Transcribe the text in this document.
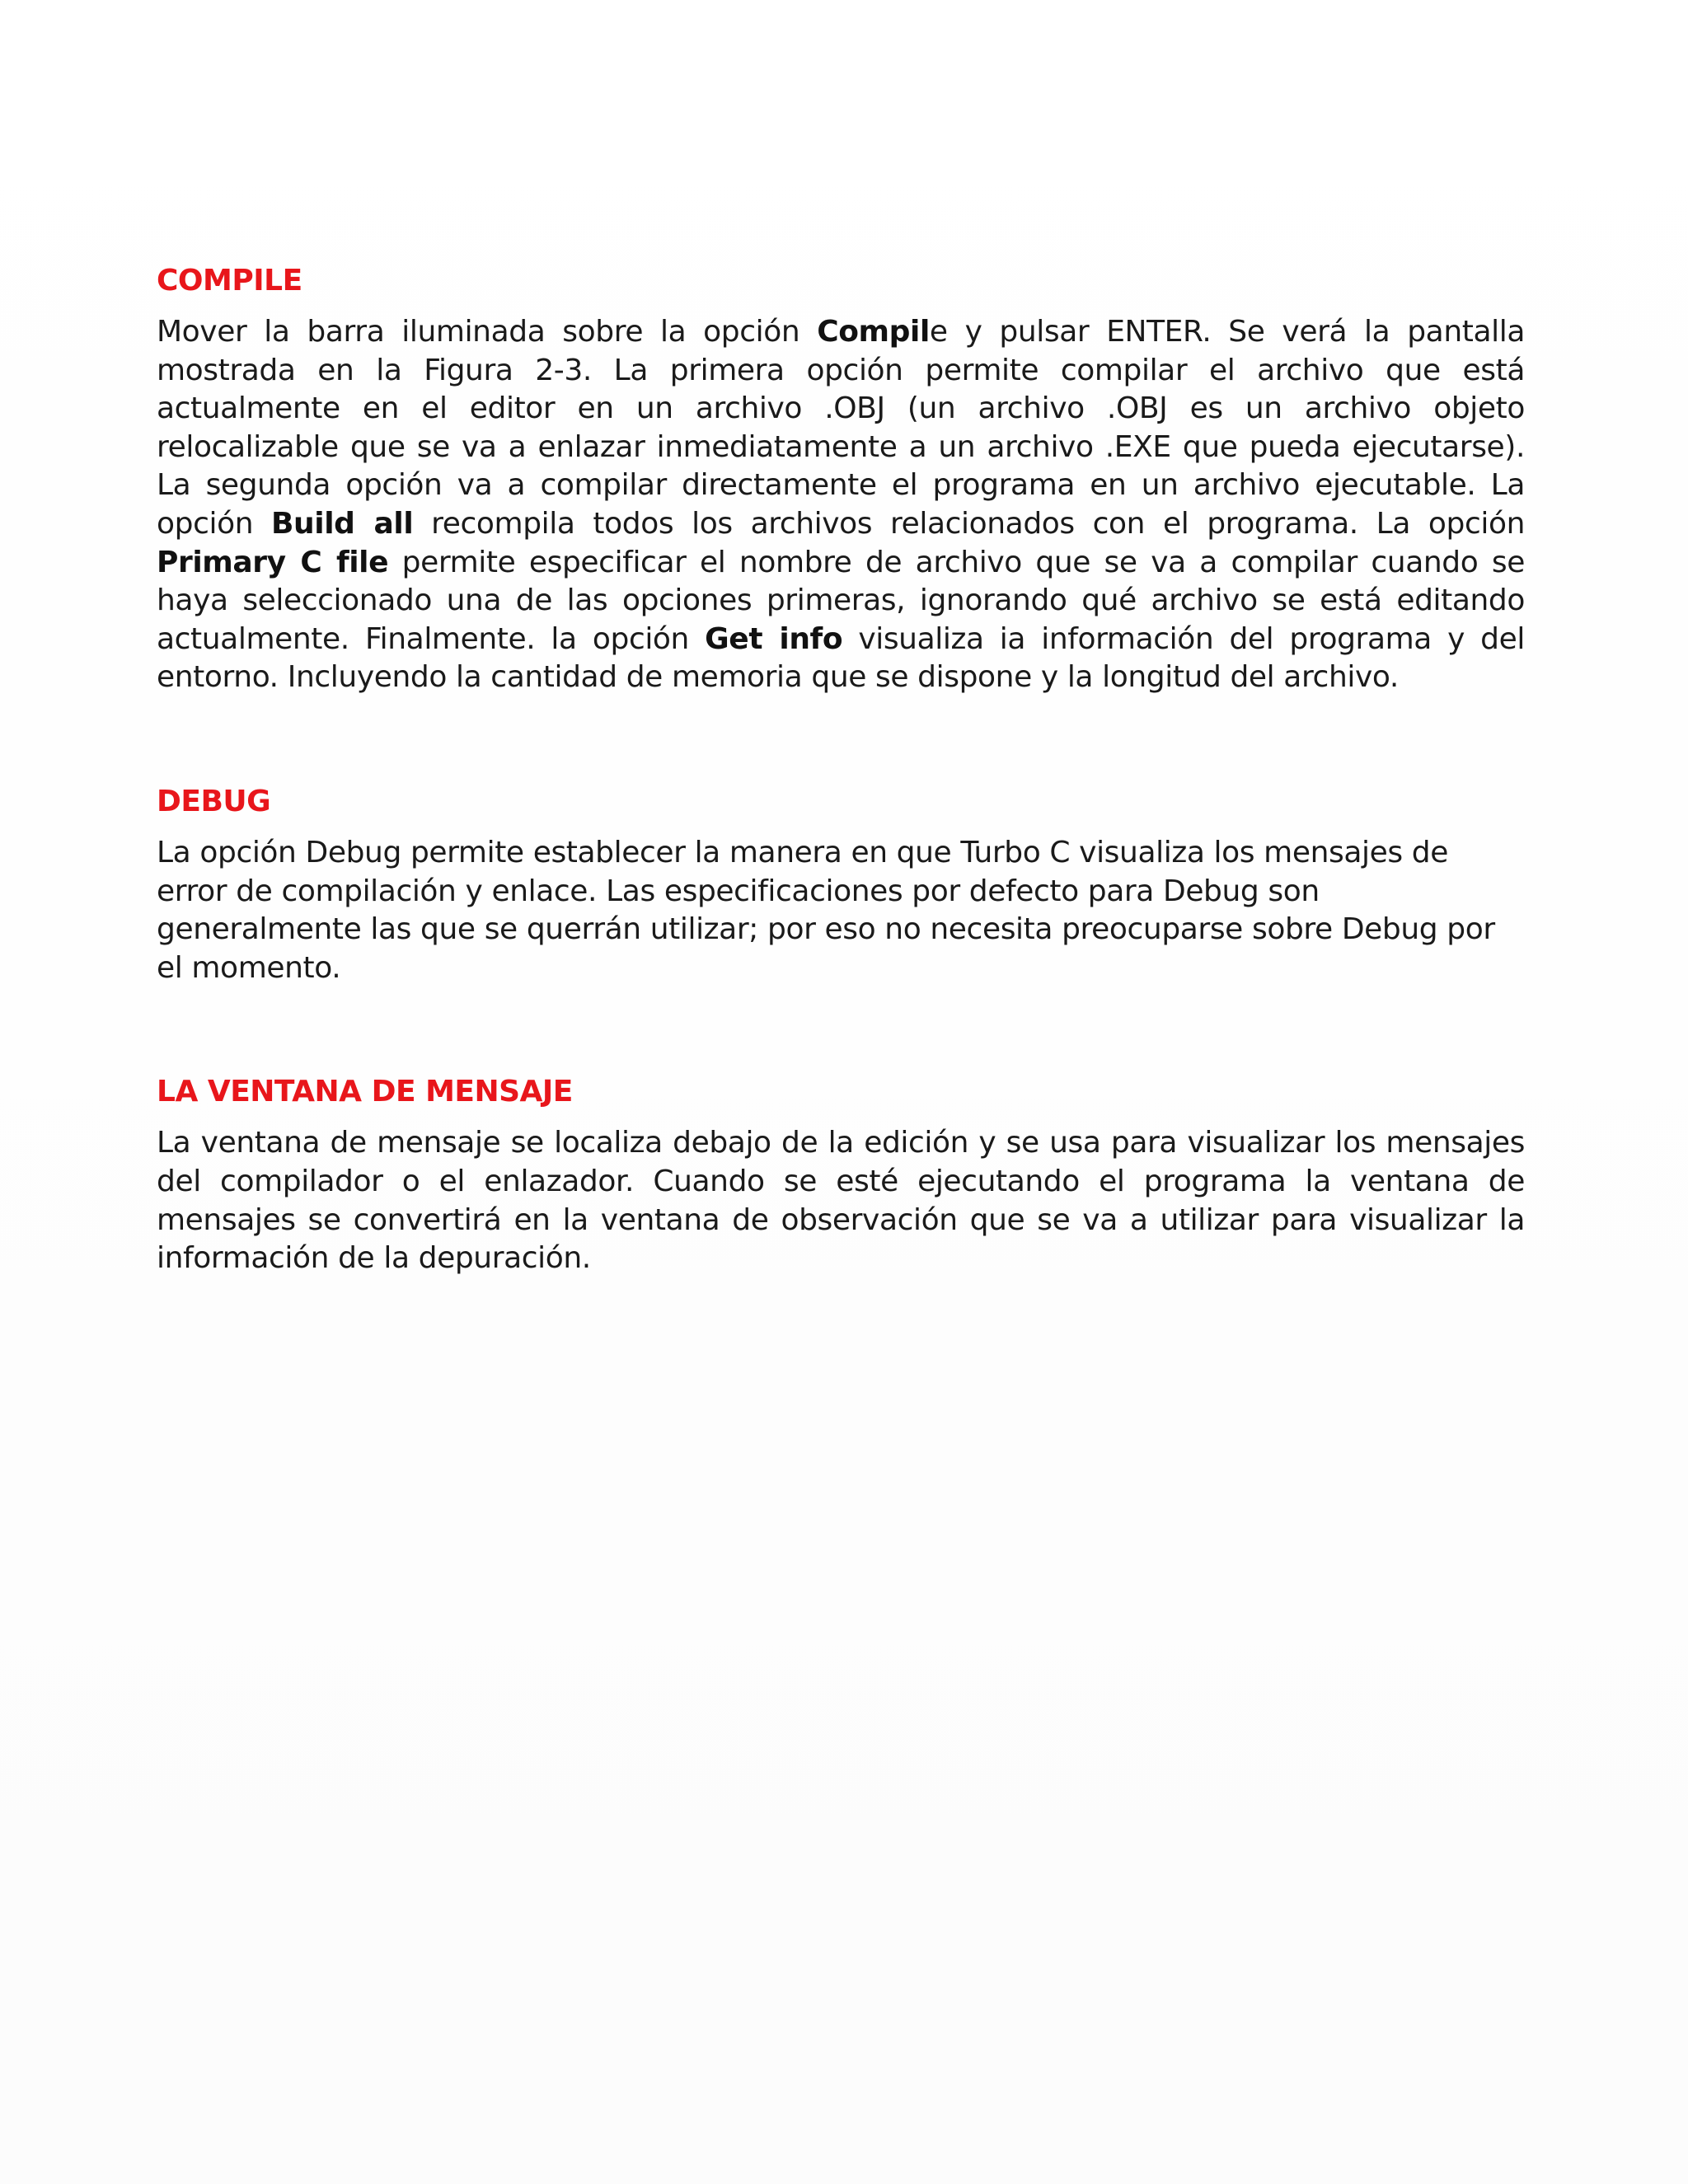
COMPILE

Mover la barra iluminada sobre la opción Compile y pulsar ENTER. Se verá la pantalla mostrada en la Figura 2-3. La primera opción permite compilar el archivo que está actualmente en el editor en un archivo .OBJ (un archivo .OBJ es un archivo objeto relocalizable que se va a enlazar inmediatamente a un archivo .EXE que pueda ejecutarse). La segunda opción va a compilar directamente el programa en un archivo ejecutable. La opción Build all recompila todos los archivos relacionados con el programa. La opción Primary C file permite especificar el nombre de archivo que se va a compilar cuando se haya seleccionado una de las opciones primeras, ignorando qué archivo se está editando actualmente. Finalmente. la opción Get info visualiza ia información del programa y del entorno. Incluyendo la cantidad de memoria que se dispone y la longitud del archivo.

DEBUG

La opción Debug permite establecer la manera en que Turbo C visualiza los mensajes de error de compilación y enlace. Las especificaciones por defecto para Debug son generalmente las que se querrán utilizar; por eso no necesita preocuparse sobre Debug por el momento.

LA VENTANA DE MENSAJE

La ventana de mensaje se localiza debajo de la edición y se usa para visualizar los mensajes del compilador o el enlazador. Cuando se esté ejecutando el programa la ventana de mensajes se convertirá en la ventana de observación que se va a utilizar para visualizar la información de la depuración.
